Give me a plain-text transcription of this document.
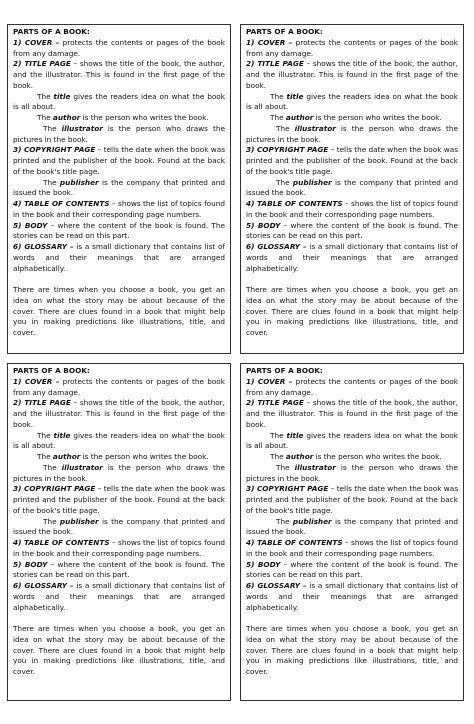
PARTS OF A BOOK:

1) COVER – protects the contents or pages of the book from any damage.

2) TITLE PAGE – shows the title of the book, the author, and the illustrator. This is found in the first page of the book.

The title gives the readers idea on what the book is all about.

The author is the person who writes the book.

The illustrator is the person who draws the pictures in the book.

3) COPYRIGHT PAGE – tells the date when the book was printed and the publisher of the book. Found at the back of the book's title page.

The publisher is the company that printed and issued the book.

4) TABLE OF CONTENTS – shows the list of topics found in the book and their corresponding page numbers.

5) BODY – where the content of the book is found. The stories can be read on this part.

6) GLOSSARY – is a small dictionary that contains list of words and their meanings that are arranged alphabetically.

There are times when you choose a book, you get an idea on what the story may be about because of the cover. There are clues found in a book that might help you in making predictions like illustrations, title, and cover.

PARTS OF A BOOK:

1) COVER – protects the contents or pages of the book from any damage.

2) TITLE PAGE – shows the title of the book, the author, and the illustrator. This is found in the first page of the book.

The title gives the readers idea on what the book is all about.

The author is the person who writes the book.

The illustrator is the person who draws the pictures in the book.

3) COPYRIGHT PAGE – tells the date when the book was printed and the publisher of the book. Found at the back of the book's title page.

The publisher is the company that printed and issued the book.

4) TABLE OF CONTENTS – shows the list of topics found in the book and their corresponding page numbers.

5) BODY – where the content of the book is found. The stories can be read on this part.

6) GLOSSARY – is a small dictionary that contains list of words and their meanings that are arranged alphabetically.

There are times when you choose a book, you get an idea on what the story may be about because of the cover. There are clues found in a book that might help you in making predictions like illustrations, title, and cover.

PARTS OF A BOOK:

1) COVER – protects the contents or pages of the book from any damage.

2) TITLE PAGE – shows the title of the book, the author, and the illustrator. This is found in the first page of the book.

The title gives the readers idea on what the book is all about.

The author is the person who writes the book.

The illustrator is the person who draws the pictures in the book.

3) COPYRIGHT PAGE – tells the date when the book was printed and the publisher of the book. Found at the back of the book's title page.

The publisher is the company that printed and issued the book.

4) TABLE OF CONTENTS – shows the list of topics found in the book and their corresponding page numbers.

5) BODY – where the content of the book is found. The stories can be read on this part.

6) GLOSSARY – is a small dictionary that contains list of words and their meanings that are arranged alphabetically.

There are times when you choose a book, you get an idea on what the story may be about because of the cover. There are clues found in a book that might help you in making predictions like illustrations, title, and cover.

PARTS OF A BOOK:

1) COVER – protects the contents or pages of the book from any damage.

2) TITLE PAGE – shows the title of the book, the author, and the illustrator. This is found in the first page of the book.

The title gives the readers idea on what the book is all about.

The author is the person who writes the book.

The illustrator is the person who draws the pictures in the book.

3) COPYRIGHT PAGE – tells the date when the book was printed and the publisher of the book. Found at the back of the book's title page.

The publisher is the company that printed and issued the book.

4) TABLE OF CONTENTS – shows the list of topics found in the book and their corresponding page numbers.

5) BODY – where the content of the book is found. The stories can be read on this part.

6) GLOSSARY – is a small dictionary that contains list of words and their meanings that are arranged alphabetically.

There are times when you choose a book, you get an idea on what the story may be about because of the cover. There are clues found in a book that might help you in making predictions like illustrations, title, and cover.
